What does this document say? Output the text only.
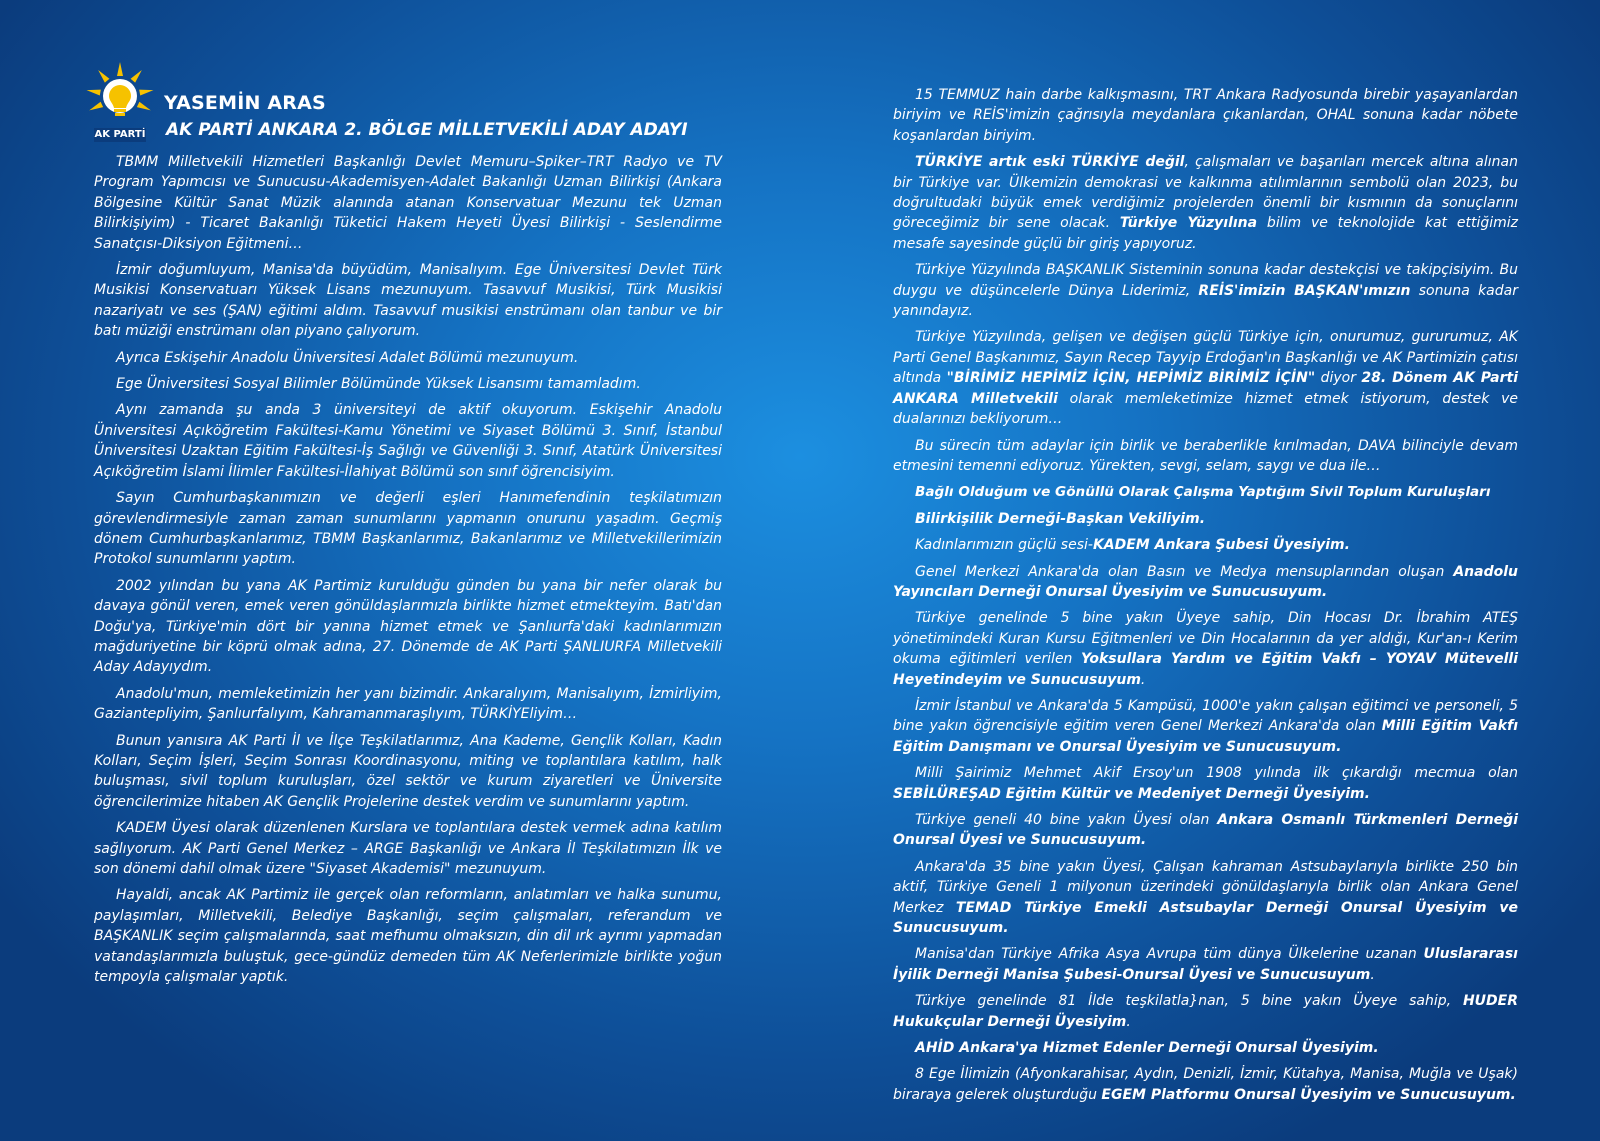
AK PARTİ
YASEMİN ARAS
AK PARTİ ANKARA 2. BÖLGE MİLLETVEKİLİ ADAY ADAYI

TBMM Milletvekili Hizmetleri Başkanlığı Devlet Memuru–Spiker–TRT Radyo ve TV Program Yapımcısı ve Sunucusu-Akademisyen-Adalet Bakanlığı Uzman Bilirkişi (Ankara Bölgesine Kültür Sanat Müzik alanında atanan Konservatuar Mezunu tek Uzman Bilirkişiyim) - Ticaret Bakanlığı Tüketici Hakem Heyeti Üyesi Bilirkişi - Seslendirme Sanatçısı-Diksiyon Eğitmeni…

İzmir doğumluyum, Manisa'da büyüdüm, Manisalıyım. Ege Üniversitesi Devlet Türk Musikisi Konservatuarı Yüksek Lisans mezunuyum. Tasavvuf Musikisi, Türk Musikisi nazariyatı ve ses (ŞAN) eğitimi aldım. Tasavvuf musikisi enstrümanı olan tanbur ve bir batı müziği enstrümanı olan piyano çalıyorum.

Ayrıca Eskişehir Anadolu Üniversitesi Adalet Bölümü mezunuyum.

Ege Üniversitesi Sosyal Bilimler Bölümünde Yüksek Lisansımı tamamladım.

Aynı zamanda şu anda 3 üniversiteyi de aktif okuyorum. Eskişehir Anadolu Üniversitesi Açıköğretim Fakültesi-Kamu Yönetimi ve Siyaset Bölümü 3. Sınıf, İstanbul Üniversitesi Uzaktan Eğitim Fakültesi-İş Sağlığı ve Güvenliği 3. Sınıf, Atatürk Üniversitesi Açıköğretim İslami İlimler Fakültesi-İlahiyat Bölümü son sınıf öğrencisiyim.

Sayın Cumhurbaşkanımızın ve değerli eşleri Hanımefendinin teşkilatımızın görevlendirmesiyle zaman zaman sunumlarını yapmanın onurunu yaşadım. Geçmiş dönem Cumhurbaşkanlarımız, TBMM Başkanlarımız, Bakanlarımız ve Milletvekillerimizin Protokol sunumlarını yaptım.

2002 yılından bu yana AK Partimiz kurulduğu günden bu yana bir nefer olarak bu davaya gönül veren, emek veren gönüldaşlarımızla birlikte hizmet etmekteyim. Batı'dan Doğu'ya, Türkiye'min dört bir yanına hizmet etmek ve Şanlıurfa'daki kadınlarımızın mağduriyetine bir köprü olmak adına, 27. Dönemde de AK Parti ŞANLIURFA Milletvekili Aday Adayıydım.

Anadolu'mun, memleketimizin her yanı bizimdir. Ankaralıyım, Manisalıyım, İzmirliyim, Gaziantepliyim, Şanlıurfalıyım, Kahramanmaraşlıyım, TÜRKİYEliyim…

Bunun yanısıra AK Parti İl ve İlçe Teşkilatlarımız, Ana Kademe, Gençlik Kolları, Kadın Kolları, Seçim İşleri, Seçim Sonrası Koordinasyonu, miting ve toplantılara katılım, halk buluşması, sivil toplum kuruluşları, özel sektör ve kurum ziyaretleri ve Üniversite öğrencilerimize hitaben AK Gençlik Projelerine destek verdim ve sunumlarını yaptım.

KADEM Üyesi olarak düzenlenen Kurslara ve toplantılara destek vermek adına katılım sağlıyorum. AK Parti Genel Merkez – ARGE Başkanlığı ve Ankara İl Teşkilatımızın İlk ve son dönemi dahil olmak üzere "Siyaset Akademisi" mezunuyum.

Hayaldi, ancak AK Partimiz ile gerçek olan reformların, anlatımları ve halka sunumu, paylaşımları, Milletvekili, Belediye Başkanlığı, seçim çalışmaları, referandum ve BAŞKANLIK seçim çalışmalarında, saat mefhumu olmaksızın, din dil ırk ayrımı yapmadan vatandaşlarımızla buluştuk, gece-gündüz demeden tüm AK Neferlerimizle birlikte yoğun tempoyla çalışmalar yaptık.

15 TEMMUZ hain darbe kalkışmasını, TRT Ankara Radyosunda birebir yaşayanlardan biriyim ve REİS'imizin çağrısıyla meydanlara çıkanlardan, OHAL sonuna kadar nöbete koşanlardan biriyim.

TÜRKİYE artık eski TÜRKİYE değil, çalışmaları ve başarıları mercek altına alınan bir Türkiye var. Ülkemizin demokrasi ve kalkınma atılımlarının sembolü olan 2023, bu doğrultudaki büyük emek verdiğimiz projelerden önemli bir kısmının da sonuçlarını göreceğimiz bir sene olacak. Türkiye Yüzyılına bilim ve teknolojide kat ettiğimiz mesafe sayesinde güçlü bir giriş yapıyoruz.

Türkiye Yüzyılında BAŞKANLIK Sisteminin sonuna kadar destekçisi ve takipçisiyim. Bu duygu ve düşüncelerle Dünya Liderimiz, REİS'imizin BAŞKAN'ımızın sonuna kadar yanındayız.

Türkiye Yüzyılında, gelişen ve değişen güçlü Türkiye için, onurumuz, gururumuz, AK Parti Genel Başkanımız, Sayın Recep Tayyip Erdoğan'ın Başkanlığı ve AK Partimizin çatısı altında "BİRİMİZ HEPİMİZ İÇİN, HEPİMİZ BİRİMİZ İÇİN" diyor 28. Dönem AK Parti ANKARA Milletvekili olarak memleketimize hizmet etmek istiyorum, destek ve dualarınızı bekliyorum…

Bu sürecin tüm adaylar için birlik ve beraberlikle kırılmadan, DAVA bilinciyle devam etmesini temenni ediyoruz. Yürekten, sevgi, selam, saygı ve dua ile…

Bağlı Olduğum ve Gönüllü Olarak Çalışma Yaptığım Sivil Toplum Kuruluşları

Bilirkişilik Derneği-Başkan Vekiliyim.

Kadınlarımızın güçlü sesi-KADEM Ankara Şubesi Üyesiyim.

Genel Merkezi Ankara'da olan Basın ve Medya mensuplarından oluşan Anadolu Yayıncıları Derneği Onursal Üyesiyim ve Sunucusuyum.

Türkiye genelinde 5 bine yakın Üyeye sahip, Din Hocası Dr. İbrahim ATEŞ yönetimindeki Kuran Kursu Eğitmenleri ve Din Hocalarının da yer aldığı, Kur'an-ı Kerim okuma eğitimleri verilen Yoksullara Yardım ve Eğitim Vakfı – YOYAV Mütevelli Heyetindeyim ve Sunucusuyum.

İzmir İstanbul ve Ankara'da 5 Kampüsü, 1000'e yakın çalışan eğitimci ve personeli, 5 bine yakın öğrencisiyle eğitim veren Genel Merkezi Ankara'da olan Milli Eğitim Vakfı Eğitim Danışmanı ve Onursal Üyesiyim ve Sunucusuyum.

Milli Şairimiz Mehmet Akif Ersoy'un 1908 yılında ilk çıkardığı mecmua olan SEBİLÜREŞAD Eğitim Kültür ve Medeniyet Derneği Üyesiyim.

Türkiye geneli 40 bine yakın Üyesi olan Ankara Osmanlı Türkmenleri Derneği Onursal Üyesi ve Sunucusuyum.

Ankara'da 35 bine yakın Üyesi, Çalışan kahraman Astsubaylarıyla birlikte 250 bin aktif, Türkiye Geneli 1 milyonun üzerindeki gönüldaşlarıyla birlik olan Ankara Genel Merkez TEMAD Türkiye Emekli Astsubaylar Derneği Onursal Üyesiyim ve Sunucusuyum.

Manisa'dan Türkiye Afrika Asya Avrupa tüm dünya Ülkelerine uzanan Uluslararası İyilik Derneği Manisa Şubesi-Onursal Üyesi ve Sunucusuyum.

Türkiye genelinde 81 İlde teşkilatla}nan, 5 bine yakın Üyeye sahip, HUDER Hukukçular Derneği Üyesiyim.

AHİD Ankara'ya Hizmet Edenler Derneği Onursal Üyesiyim.

8 Ege İlimizin (Afyonkarahisar, Aydın, Denizli, İzmir, Kütahya, Manisa, Muğla ve Uşak) biraraya gelerek oluşturduğu EGEM Platformu Onursal Üyesiyim ve Sunucusuyum.
